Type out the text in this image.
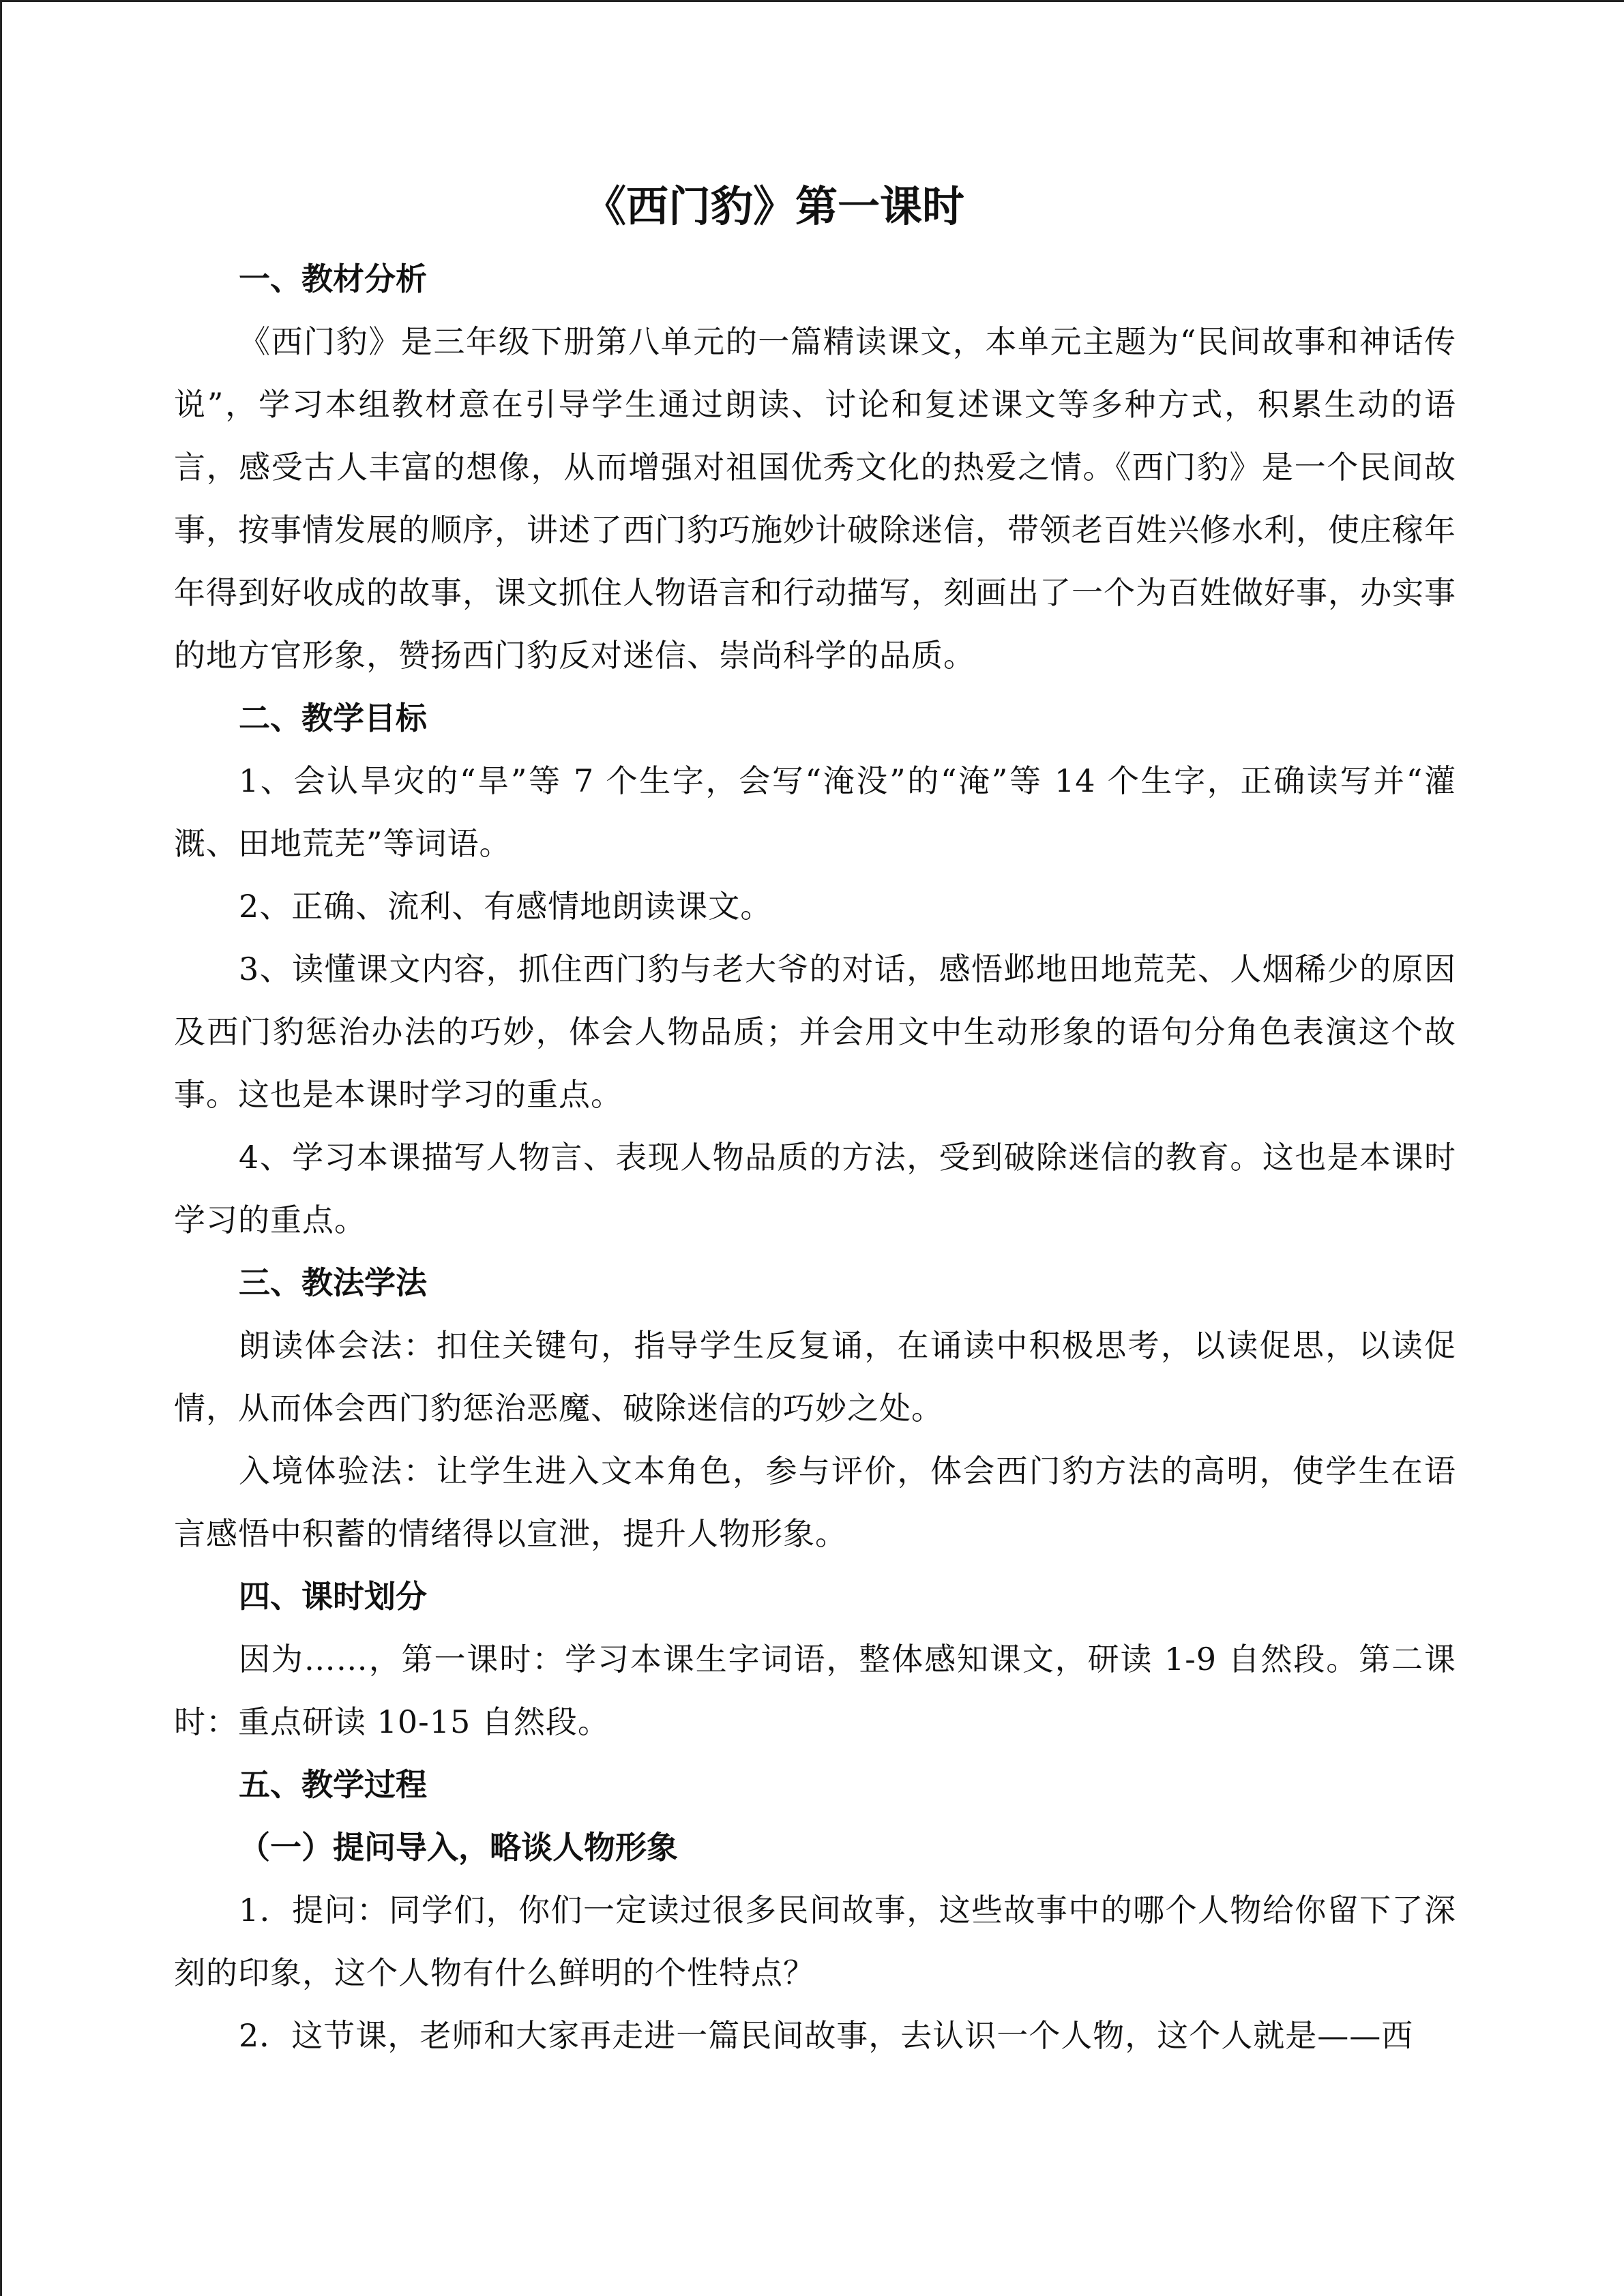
《西门豹》第一课时
一、教材分析

《西门豹》是三年级下册第八单元的一篇精读课文，本单元主题为“民间故事和神话传说”，学习本组教材意在引导学生通过朗读、讨论和复述课文等多种方式，积累生动的语言，感受古人丰富的想像，从而增强对祖国优秀文化的热爱之情。《西门豹》是一个民间故事，按事情发展的顺序，讲述了西门豹巧施妙计破除迷信，带领老百姓兴修水利，使庄稼年年得到好收成的故事，课文抓住人物语言和行动描写，刻画出了一个为百姓做好事，办实事的地方官形象，赞扬西门豹反对迷信、崇尚科学的品质。

二、教学目标

1、会认旱灾的“旱”等 7 个生字，会写“淹没”的“淹”等 14 个生字，正确读写并“灌溉、田地荒芜”等词语。

2、正确、流利、有感情地朗读课文。

3、读懂课文内容，抓住西门豹与老大爷的对话，感悟邺地田地荒芜、人烟稀少的原因及西门豹惩治办法的巧妙，体会人物品质；并会用文中生动形象的语句分角色表演这个故事。这也是本课时学习的重点。

4、学习本课描写人物言、表现人物品质的方法，受到破除迷信的教育。这也是本课时学习的重点。

三、教法学法

朗读体会法：扣住关键句，指导学生反复诵，在诵读中积极思考，以读促思，以读促情，从而体会西门豹惩治恶魔、破除迷信的巧妙之处。

入境体验法：让学生进入文本角色，参与评价，体会西门豹方法的高明，使学生在语言感悟中积蓄的情绪得以宣泄，提升人物形象。

四、课时划分

因为……，第一课时：学习本课生字词语，整体感知课文，研读 1-9 自然段。第二课时：重点研读 10-15 自然段。

五、教学过程
（一）提问导入，略谈人物形象

1．提问：同学们，你们一定读过很多民间故事，这些故事中的哪个人物给你留下了深刻的印象，这个人物有什么鲜明的个性特点？

2．这节课，老师和大家再走进一篇民间故事，去认识一个人物，这个人就是——西
